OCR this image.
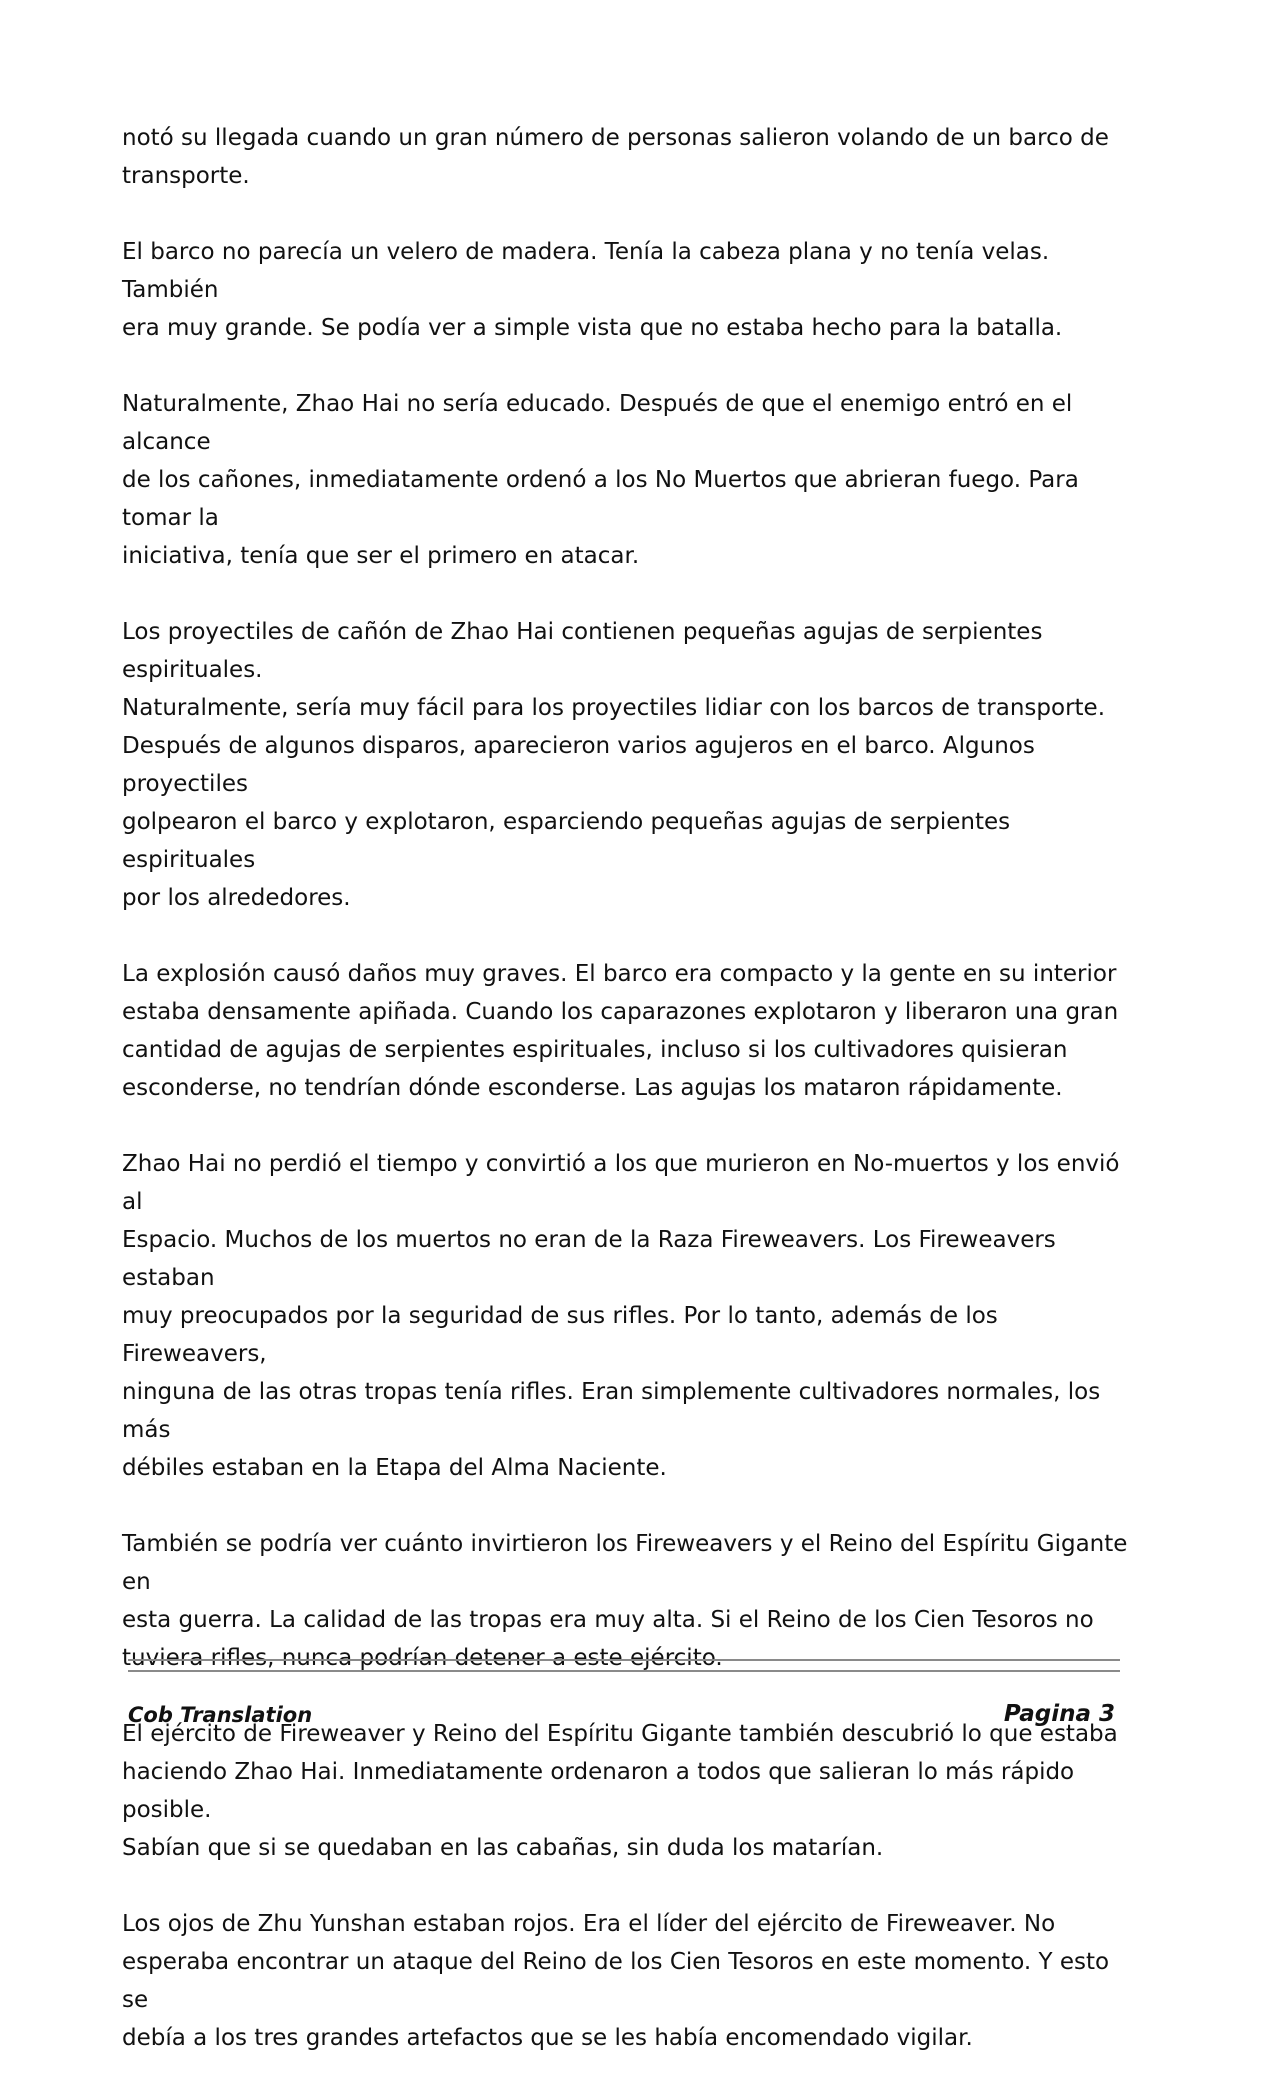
notó su llegada cuando un gran número de personas salieron volando de un barco de
transporte.

El barco no parecía un velero de madera. Tenía la cabeza plana y no tenía velas. También
era muy grande. Se podía ver a simple vista que no estaba hecho para la batalla.

Naturalmente, Zhao Hai no sería educado. Después de que el enemigo entró en el alcance
de los cañones, inmediatamente ordenó a los No Muertos que abrieran fuego. Para tomar la
iniciativa, tenía que ser el primero en atacar.

Los proyectiles de cañón de Zhao Hai contienen pequeñas agujas de serpientes espirituales.
Naturalmente, sería muy fácil para los proyectiles lidiar con los barcos de transporte.
Después de algunos disparos, aparecieron varios agujeros en el barco. Algunos proyectiles
golpearon el barco y explotaron, esparciendo pequeñas agujas de serpientes espirituales
por los alrededores.

La explosión causó daños muy graves. El barco era compacto y la gente en su interior
estaba densamente apiñada. Cuando los caparazones explotaron y liberaron una gran
cantidad de agujas de serpientes espirituales, incluso si los cultivadores quisieran
esconderse, no tendrían dónde esconderse. Las agujas los mataron rápidamente.

Zhao Hai no perdió el tiempo y convirtió a los que murieron en No-muertos y los envió al
Espacio. Muchos de los muertos no eran de la Raza Fireweavers. Los Fireweavers estaban
muy preocupados por la seguridad de sus rifles. Por lo tanto, además de los Fireweavers,
ninguna de las otras tropas tenía rifles. Eran simplemente cultivadores normales, los más
débiles estaban en la Etapa del Alma Naciente.

También se podría ver cuánto invirtieron los Fireweavers y el Reino del Espíritu Gigante en
esta guerra. La calidad de las tropas era muy alta. Si el Reino de los Cien Tesoros no
tuviera rifles, nunca podrían detener a este ejército.

El ejército de Fireweaver y Reino del Espíritu Gigante también descubrió lo que estaba
haciendo Zhao Hai. Inmediatamente ordenaron a todos que salieran lo más rápido posible.
Sabían que si se quedaban en las cabañas, sin duda los matarían.

Los ojos de Zhu Yunshan estaban rojos. Era el líder del ejército de Fireweaver. No
esperaba encontrar un ataque del Reino de los Cien Tesoros en este momento. Y esto se
debía a los tres grandes artefactos que se les había encomendado vigilar.

Cob Translation	Pagina 3
